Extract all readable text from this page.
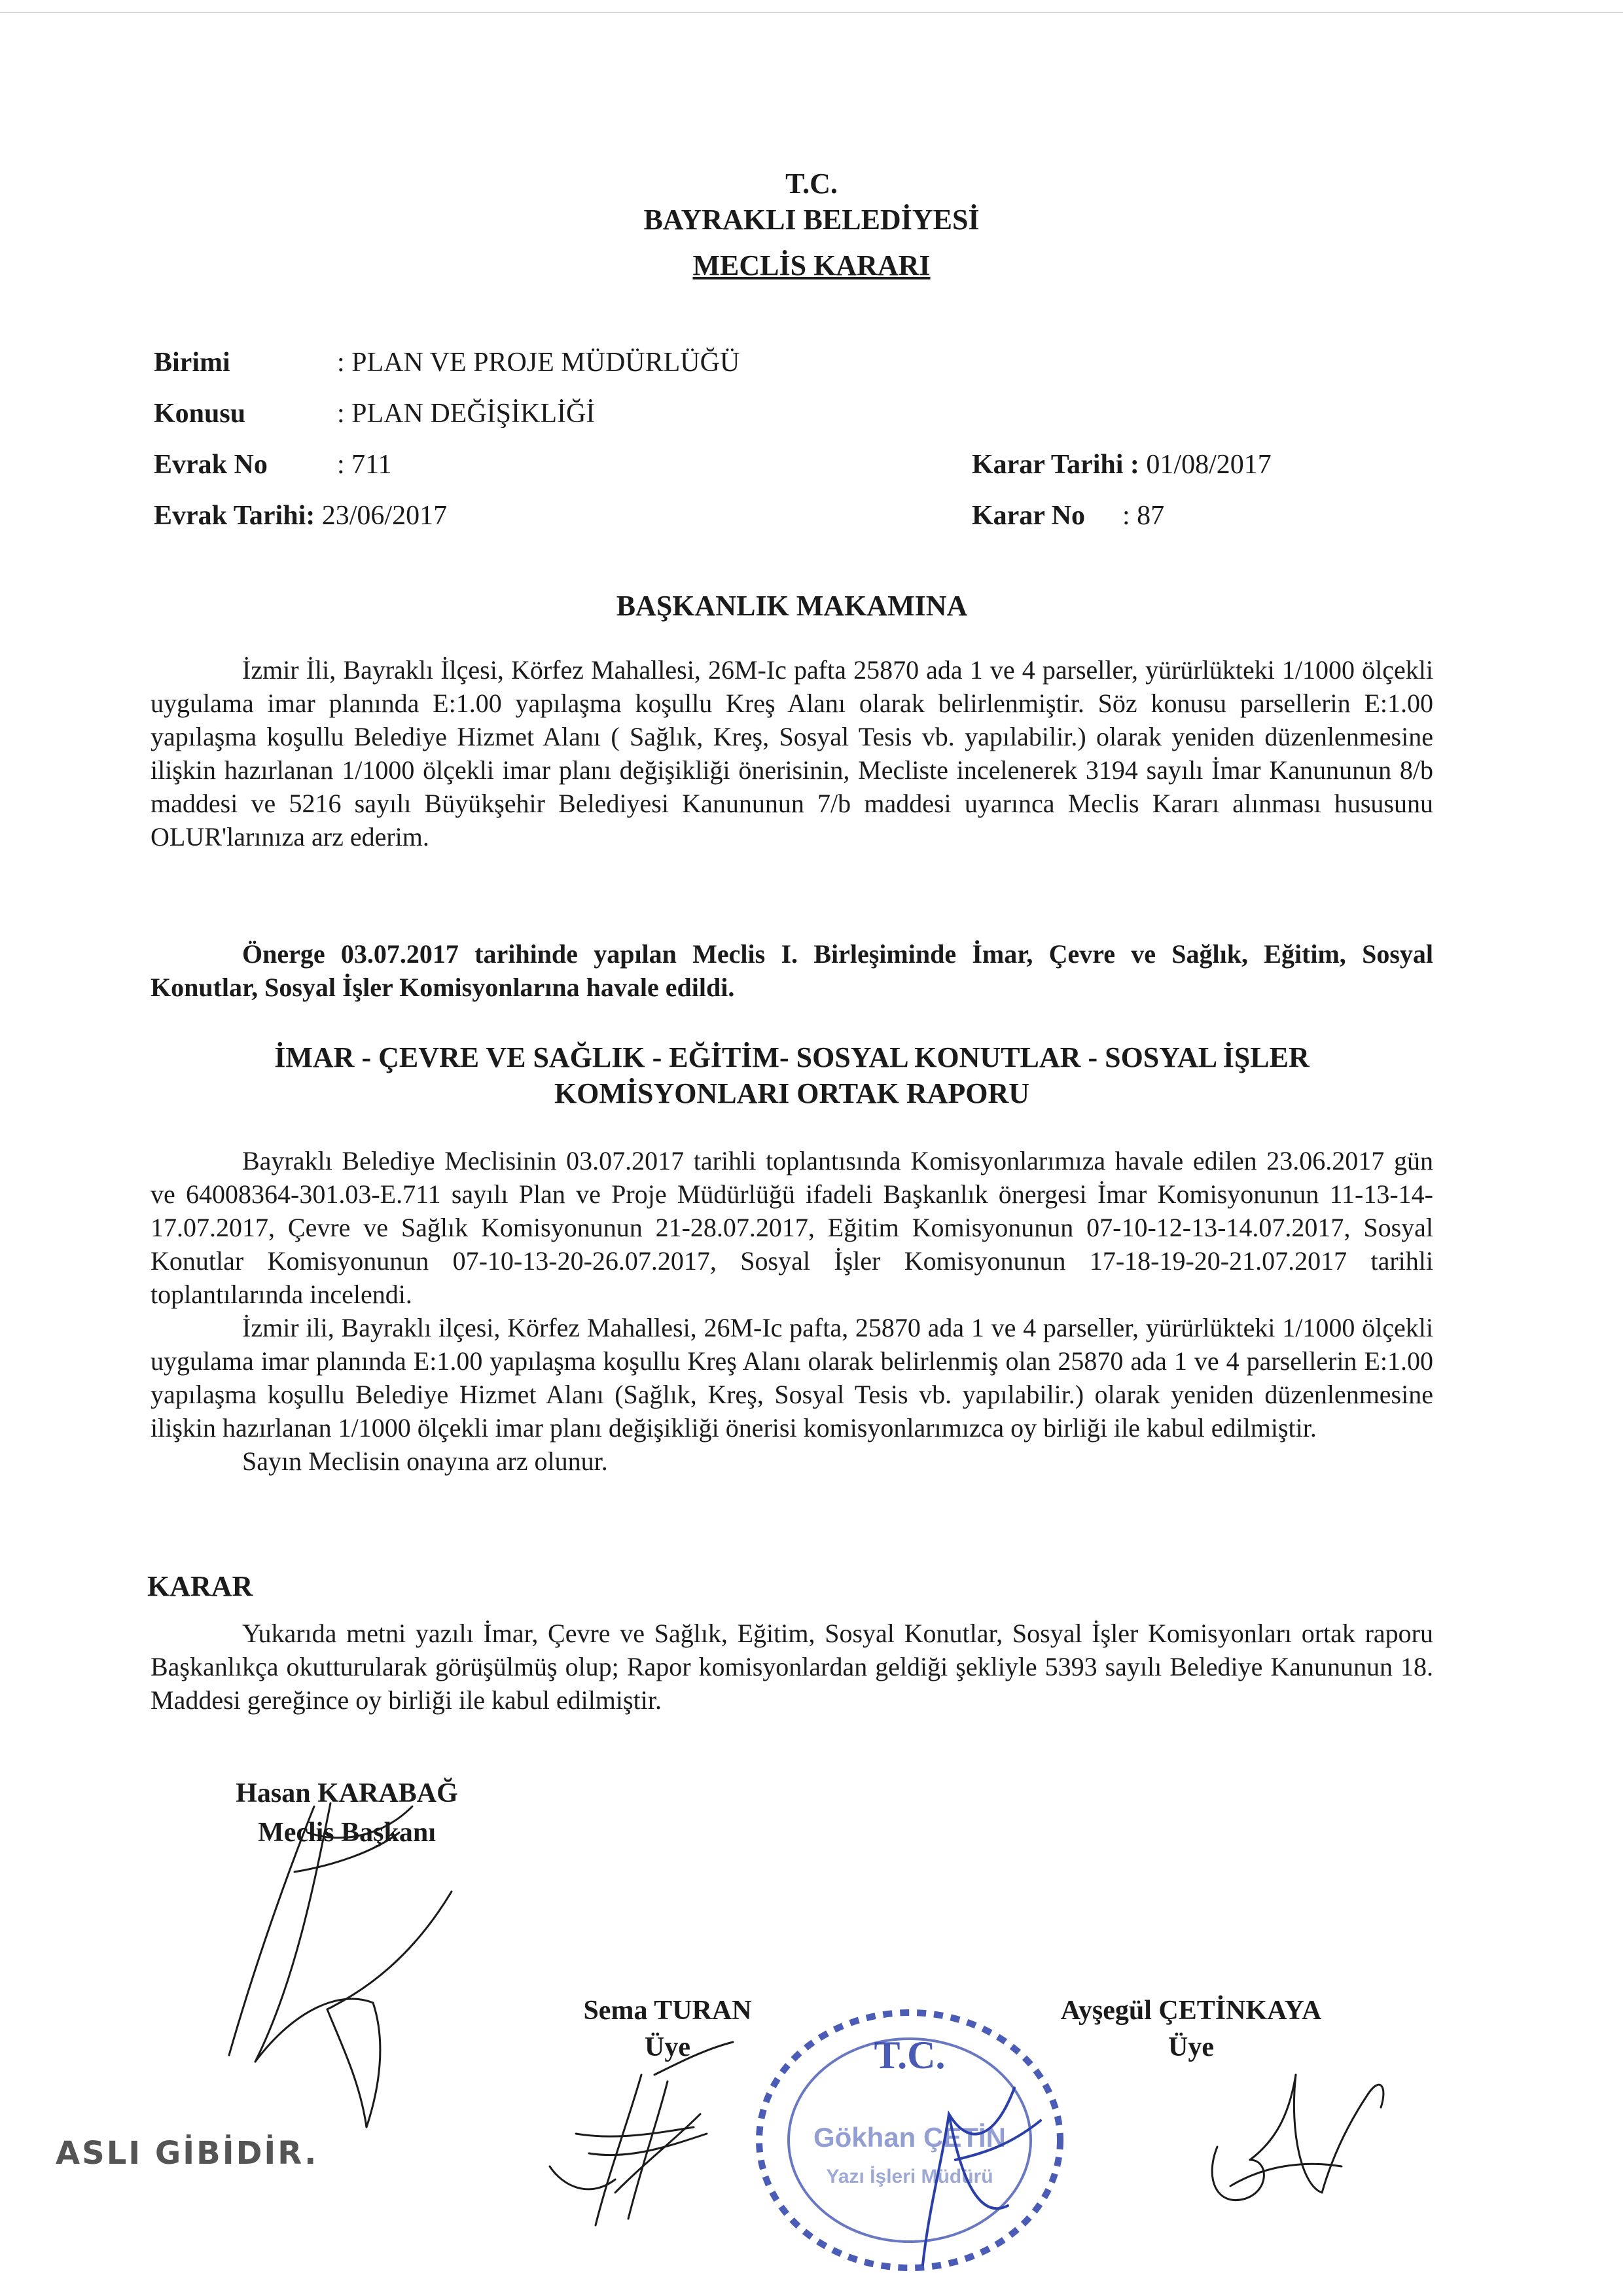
T.C.
BAYRAKLI BELEDİYESİ
MECLİS KARARI
Birimi	: PLAN VE PROJE MÜDÜRLÜĞÜ
Konusu	: PLAN DEĞİŞİKLİĞİ
Evrak No	: 711
Evrak Tarihi: 23/06/2017
Karar Tarihi : 01/08/2017
Karar No : 87
BAŞKANLIK MAKAMINA

İzmir İli, Bayraklı İlçesi, Körfez Mahallesi, 26M-Ic pafta 25870 ada 1 ve 4 parseller, yürürlükteki 1/1000 ölçekli uygulama imar planında E:1.00 yapılaşma koşullu Kreş Alanı olarak belirlenmiştir. Söz konusu parsellerin E:1.00 yapılaşma koşullu Belediye Hizmet Alanı ( Sağlık, Kreş, Sosyal Tesis vb. yapılabilir.) olarak yeniden düzenlenmesine ilişkin hazırlanan 1/1000 ölçekli imar planı değişikliği önerisinin, Mecliste incelenerek 3194 sayılı İmar Kanununun 8/b maddesi ve 5216 sayılı Büyükşehir Belediyesi Kanununun 7/b maddesi uyarınca Meclis Kararı alınması hususunu OLUR'larınıza arz ederim.

Önerge 03.07.2017 tarihinde yapılan Meclis I. Birleşiminde İmar, Çevre ve Sağlık, Eğitim, Sosyal Konutlar, Sosyal İşler Komisyonlarına havale edildi.

İMAR - ÇEVRE VE SAĞLIK - EĞİTİM- SOSYAL KONUTLAR - SOSYAL İŞLER
KOMİSYONLARI ORTAK RAPORU

Bayraklı Belediye Meclisinin 03.07.2017 tarihli toplantısında Komisyonlarımıza havale edilen 23.06.2017 gün ve 64008364-301.03-E.711 sayılı Plan ve Proje Müdürlüğü ifadeli Başkanlık önergesi İmar Komisyonunun 11-13-14-17.07.2017, Çevre ve Sağlık Komisyonunun 21-28.07.2017, Eğitim Komisyonunun 07-10-12-13-14.07.2017, Sosyal Konutlar Komisyonunun 07-10-13-20-26.07.2017, Sosyal İşler Komisyonunun 17-18-19-20-21.07.2017 tarihli toplantılarında incelendi.

İzmir ili, Bayraklı ilçesi, Körfez Mahallesi, 26M-Ic pafta, 25870 ada 1 ve 4 parseller, yürürlükteki 1/1000 ölçekli uygulama imar planında E:1.00 yapılaşma koşullu Kreş Alanı olarak belirlenmiş olan 25870 ada 1 ve 4 parsellerin E:1.00 yapılaşma koşullu Belediye Hizmet Alanı (Sağlık, Kreş, Sosyal Tesis vb. yapılabilir.) olarak yeniden düzenlenmesine ilişkin hazırlanan 1/1000 ölçekli imar planı değişikliği önerisi komisyonlarımızca oy birliği ile kabul edilmiştir.

Sayın Meclisin onayına arz olunur.

KARAR

Yukarıda metni yazılı İmar, Çevre ve Sağlık, Eğitim, Sosyal Konutlar, Sosyal İşler Komisyonları ortak raporu Başkanlıkça okutturularak görüşülmüş olup; Rapor komisyonlardan geldiği şekliyle 5393 sayılı Belediye Kanununun 18. Maddesi gereğince oy birliği ile kabul edilmiştir.

Hasan KARABAĞ
Meclis Başkanı
Sema TURAN
Üye
Ayşegül ÇETİNKAYA
Üye
T.C.
Gökhan ÇETİN
Yazı İşleri Müdürü
ASLI GİBİDİR.
